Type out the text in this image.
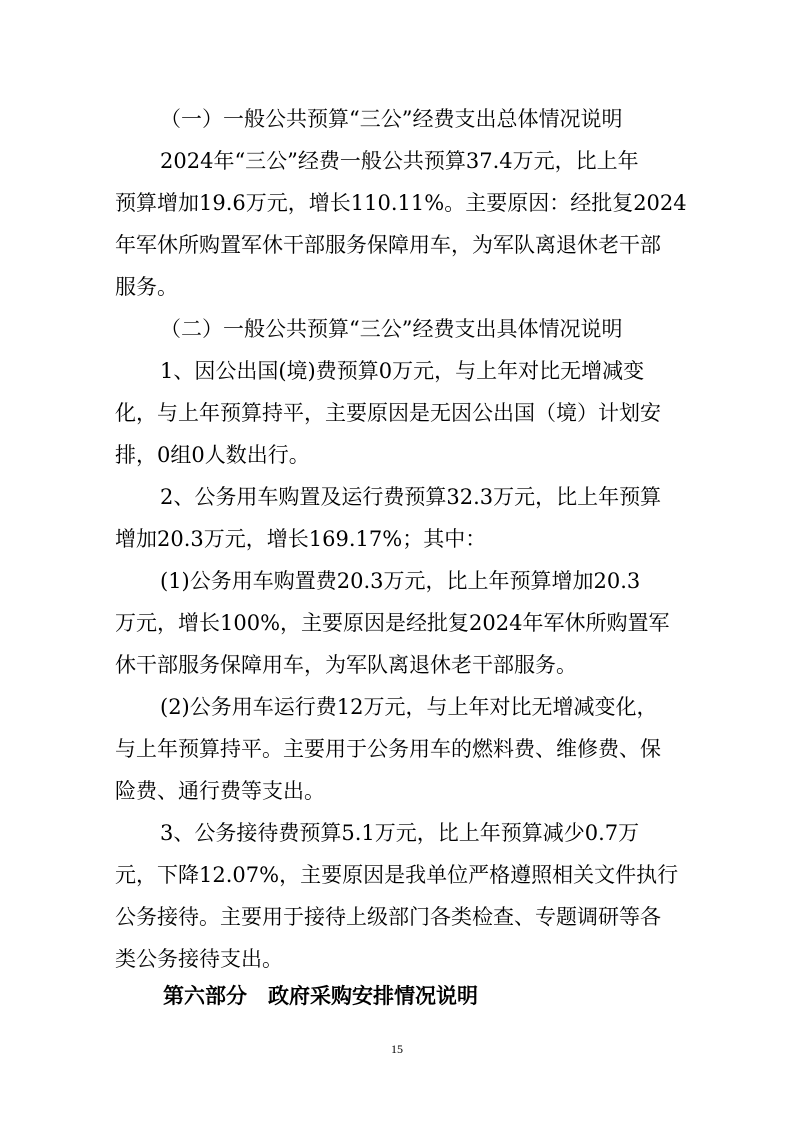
（一）一般公共预算“三公”经费支出总体情况说明

2024年“三公”经费一般公共预算37.4万元，比上年

预算增加19.6万元，增长110.11%。主要原因：经批复2024

年军休所购置军休干部服务保障用车，为军队离退休老干部

服务。

（二）一般公共预算“三公”经费支出具体情况说明

1、因公出国(境)费预算0万元，与上年对比无增减变

化，与上年预算持平，主要原因是无因公出国（境）计划安

排，0组0人数出行。

2、公务用车购置及运行费预算32.3万元，比上年预算

增加20.3万元，增长169.17%；其中：

(1)公务用车购置费20.3万元，比上年预算增加20.3

万元，增长100%，主要原因是经批复2024年军休所购置军

休干部服务保障用车，为军队离退休老干部服务。

(2)公务用车运行费12万元，与上年对比无增减变化，

与上年预算持平。主要用于公务用车的燃料费、维修费、保

险费、通行费等支出。

3、公务接待费预算5.1万元，比上年预算减少0.7万

元，下降12.07%，主要原因是我单位严格遵照相关文件执行

公务接待。主要用于接待上级部门各类检查、专题调研等各

类公务接待支出。

第六部分　政府采购安排情况说明
15
